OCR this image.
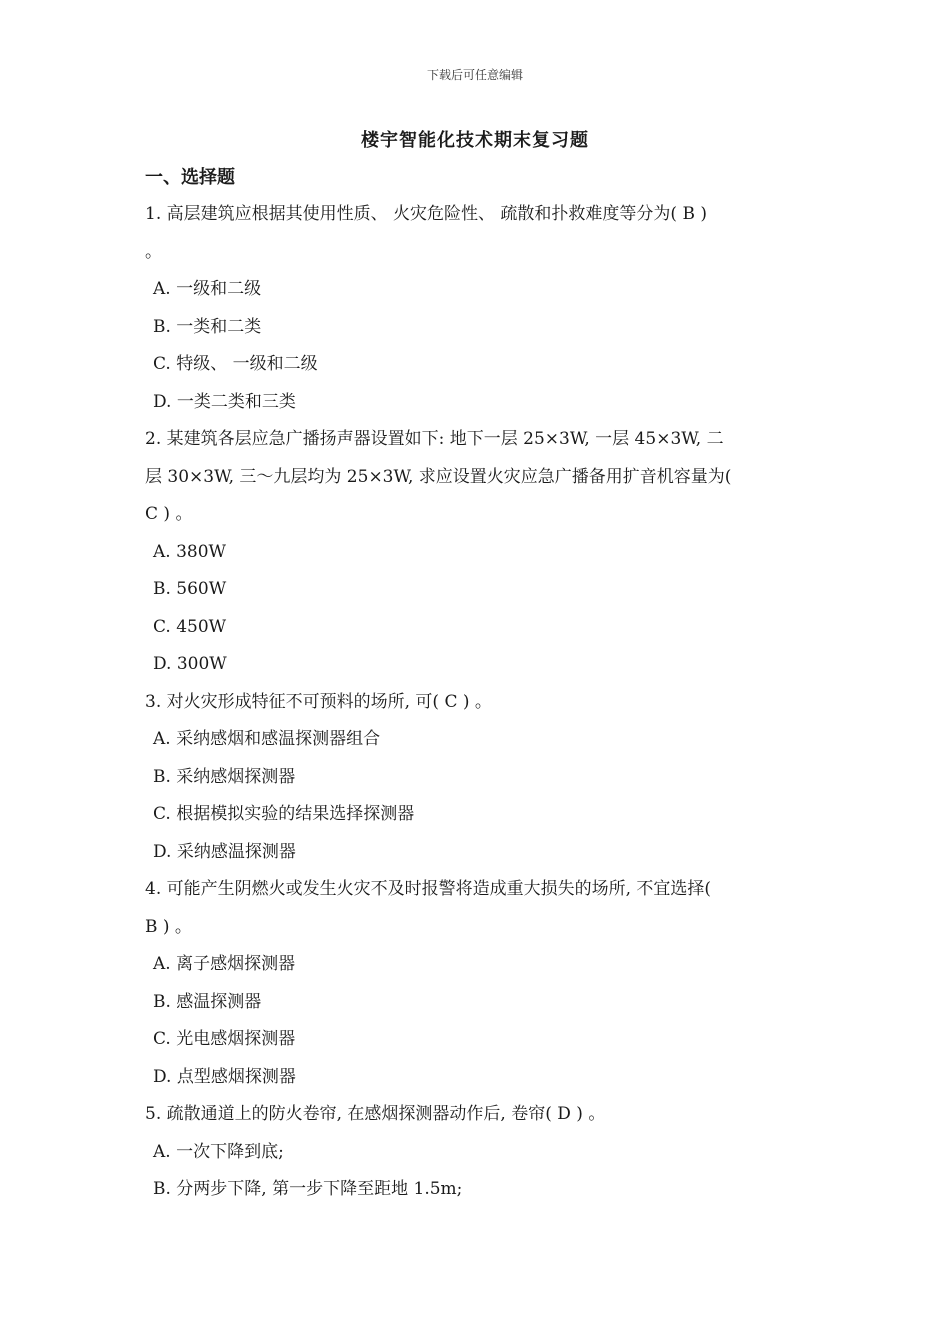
下载后可任意编辑
楼宇智能化技术期末复习题
一、选择题
1. 高层建筑应根据其使用性质、 火灾危险性、 疏散和扑救难度等分为( B )
。
A. 一级和二级
B. 一类和二类
C. 特级、 一级和二级
D. 一类二类和三类
2. 某建筑各层应急广播扬声器设置如下: 地下一层 25×3W, 一层 45×3W, 二
层 30×3W, 三～九层均为 25×3W, 求应设置火灾应急广播备用扩音机容量为(
C ) 。
A. 380W
B. 560W
C. 450W
D. 300W
3. 对火灾形成特征不可预料的场所, 可( C ) 。
A. 采纳感烟和感温探测器组合
B. 采纳感烟探测器
C. 根据模拟实验的结果选择探测器
D. 采纳感温探测器
4. 可能产生阴燃火或发生火灾不及时报警将造成重大损失的场所, 不宜选择(
B ) 。
A. 离子感烟探测器
B. 感温探测器
C. 光电感烟探测器
D. 点型感烟探测器
5. 疏散通道上的防火卷帘, 在感烟探测器动作后, 卷帘( D ) 。
A. 一次下降到底;
B. 分两步下降, 第一步下降至距地 1.5m;
